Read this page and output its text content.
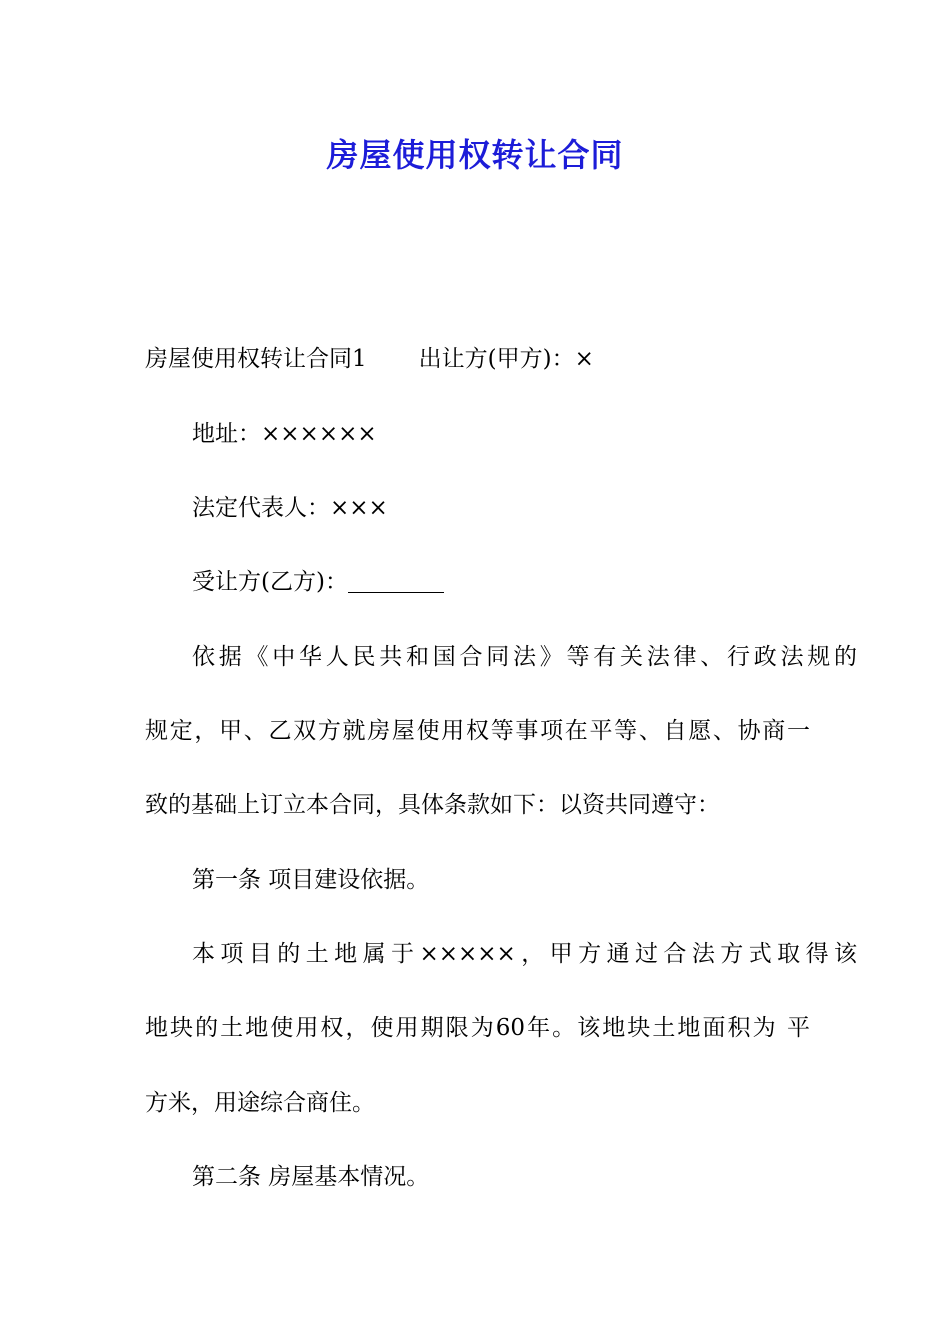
房屋使用权转让合同
房屋使用权转让合同1 出让方(甲方)：×
地址：××××××
法定代表人：×××
受让方(乙方)：
依据《中华人民共和国合同法》等有关法律、行政法规的
规定，甲、乙双方就房屋使用权等事项在平等、自愿、协商一
致的基础上订立本合同，具体条款如下：以资共同遵守：
第一条 项目建设依据。
本项目的土地属于×××××，甲方通过合法方式取得该
地块的土地使用权，使用期限为60年。该地块土地面积为 平
方米，用途综合商住。
第二条 房屋基本情况。
